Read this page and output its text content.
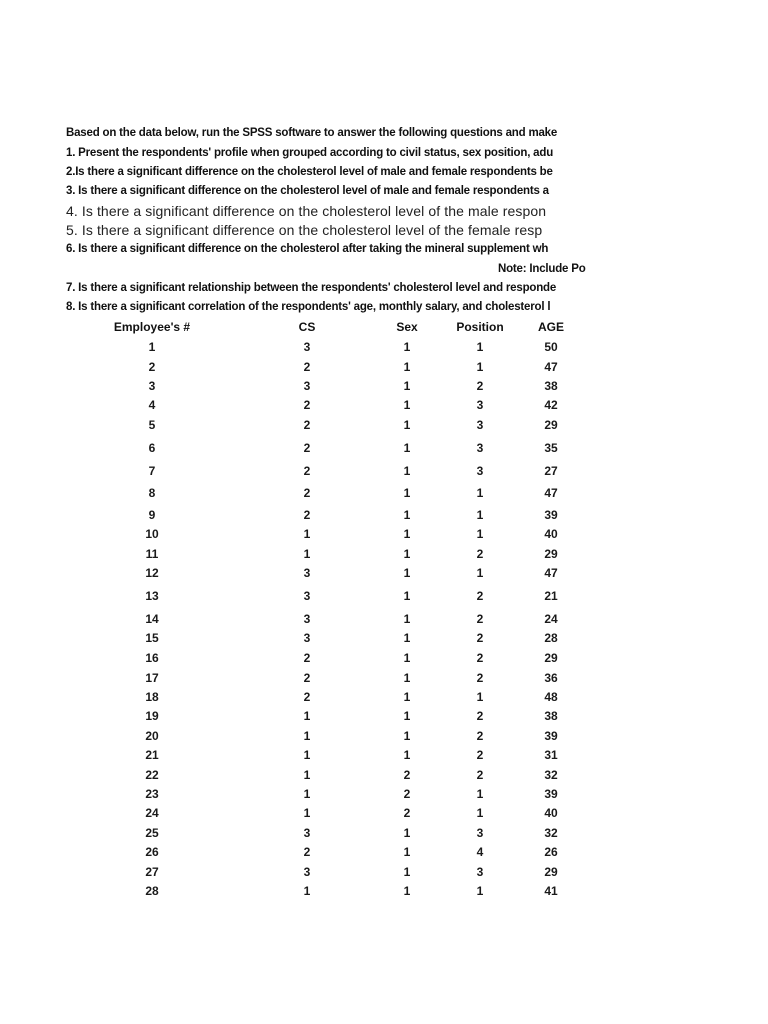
Based on the data below, run the SPSS software to answer the following questions and make
1. Present the respondents' profile when grouped according to civil status, sex position, adu
2.Is there a significant difference on the cholesterol level of male and female respondents be
3. Is there a significant difference on the cholesterol level of male and female respondents a
4. Is there a significant difference on the cholesterol level of the male respon
5. Is there a significant difference on the cholesterol level of the female resp
6. Is there a significant difference on the cholesterol after taking the mineral supplement wh
Note: Include Po
7. Is there a significant relationship between the respondents' cholesterol level and responde
8. Is there a significant correlation of the respondents' age, monthly salary, and cholesterol l
Employee's #	CS	Sex	Position	AGE
1	3	1	1	50
2	2	1	1	47
3	3	1	2	38
4	2	1	3	42
5	2	1	3	29
6	2	1	3	35
7	2	1	3	27
8	2	1	1	47
9	2	1	1	39
10	1	1	1	40
11	1	1	2	29
12	3	1	1	47
13	3	1	2	21
14	3	1	2	24
15	3	1	2	28
16	2	1	2	29
17	2	1	2	36
18	2	1	1	48
19	1	1	2	38
20	1	1	2	39
21	1	1	2	31
22	1	2	2	32
23	1	2	1	39
24	1	2	1	40
25	3	1	3	32
26	2	1	4	26
27	3	1	3	29
28	1	1	1	41
